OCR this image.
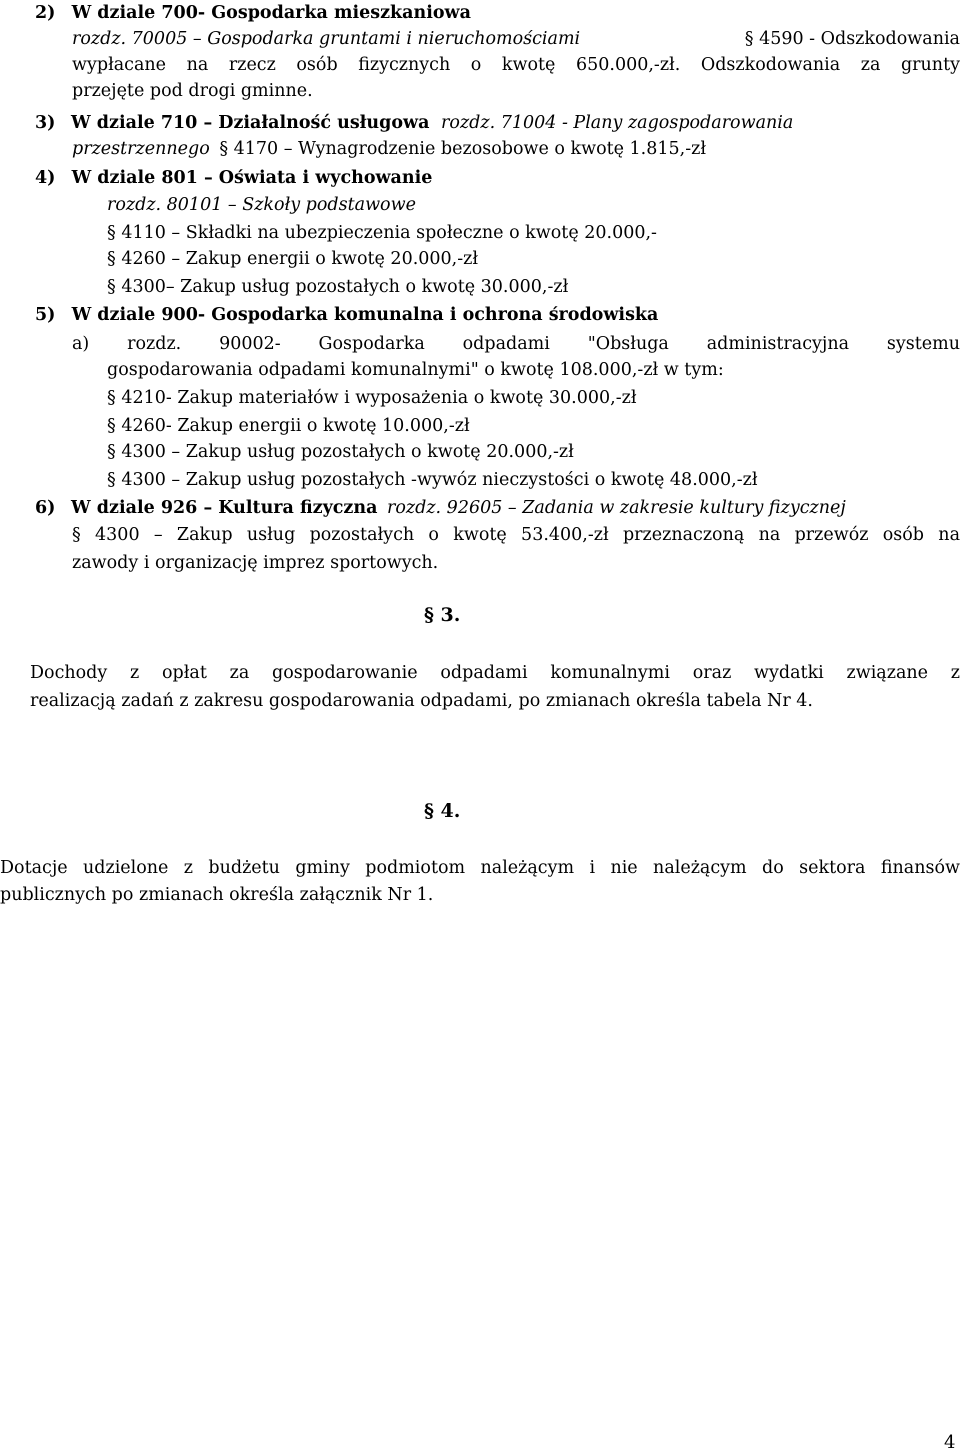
2) W dziale 700- Gospodarka mieszkaniowa
rozdz. 70005 – Gospodarka gruntami i nieruchomościami	§ 4590 - Odszkodowania
wypłacane na rzecz osób fizycznych o kwotę 650.000,-zł. Odszkodowania za grunty
przejęte pod drogi gminne.
3) W dziale 710 – Działalność usługowa rozdz. 71004 - Plany zagospodarowania
przestrzennego § 4170 – Wynagrodzenie bezosobowe o kwotę 1.815,-zł
4) W dziale 801 – Oświata i wychowanie
rozdz. 80101 – Szkoły podstawowe
§ 4110 – Składki na ubezpieczenia społeczne o kwotę 20.000,-
§ 4260 – Zakup energii o kwotę 20.000,-zł
§ 4300– Zakup usług pozostałych o kwotę 30.000,-zł
5) W dziale 900- Gospodarka komunalna i ochrona środowiska
a) rozdz. 90002- Gospodarka odpadami "Obsługa administracyjna systemu
gospodarowania odpadami komunalnymi" o kwotę 108.000,-zł w tym:
§ 4210- Zakup materiałów i wyposażenia o kwotę 30.000,-zł
§ 4260- Zakup energii o kwotę 10.000,-zł
§ 4300 – Zakup usług pozostałych o kwotę 20.000,-zł
§ 4300 – Zakup usług pozostałych -wywóz nieczystości o kwotę 48.000,-zł
6) W dziale 926 – Kultura fizyczna rozdz. 92605 – Zadania w zakresie kultury fizycznej
§ 4300 – Zakup usług pozostałych o kwotę 53.400,-zł przeznaczoną na przewóz osób na
zawody i organizację imprez sportowych.
§ 3.
Dochody z opłat za gospodarowanie odpadami komunalnymi oraz wydatki związane z
realizacją zadań z zakresu gospodarowania odpadami, po zmianach określa tabela Nr 4.
§ 4.
Dotacje udzielone z budżetu gminy podmiotom należącym i nie należącym do sektora finansów
publicznych po zmianach określa załącznik Nr 1.
4
